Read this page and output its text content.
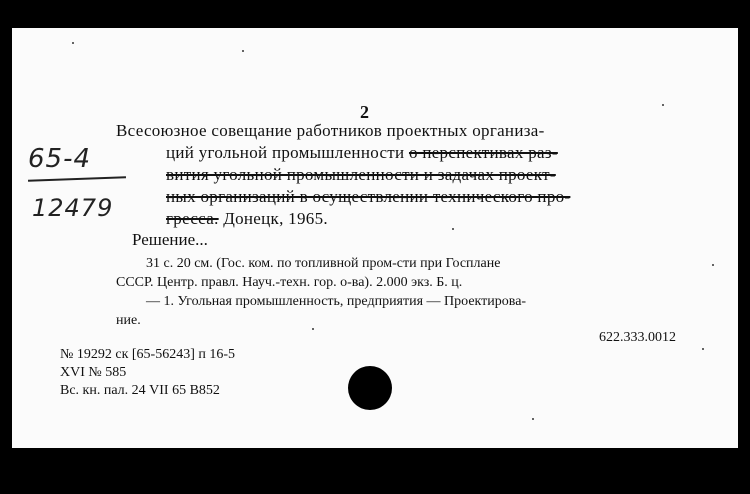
2
65-4
12479
Всесоюзное совещание работников проектных организа-
ций угольной промышленности о перспективах раз-
вития угольной промышленности и задачах проект-
ных организаций в осуществлении технического про-
гресса. Донецк, 1965.
Решение...
31 с. 20 см. (Гос. ком. по топливной пром-сти при Госплане
СССР. Центр. правл. Науч.-техн. гор. о-ва). 2.000 экз. Б. ц.
— 1. Угольная промышленность, предприятия — Проектирова-
ние.
622.333.0012
№ 19292 ск [65-56243] п 16-5
XVI № 585
Вс. кн. пал. 24 VII 65 В852
